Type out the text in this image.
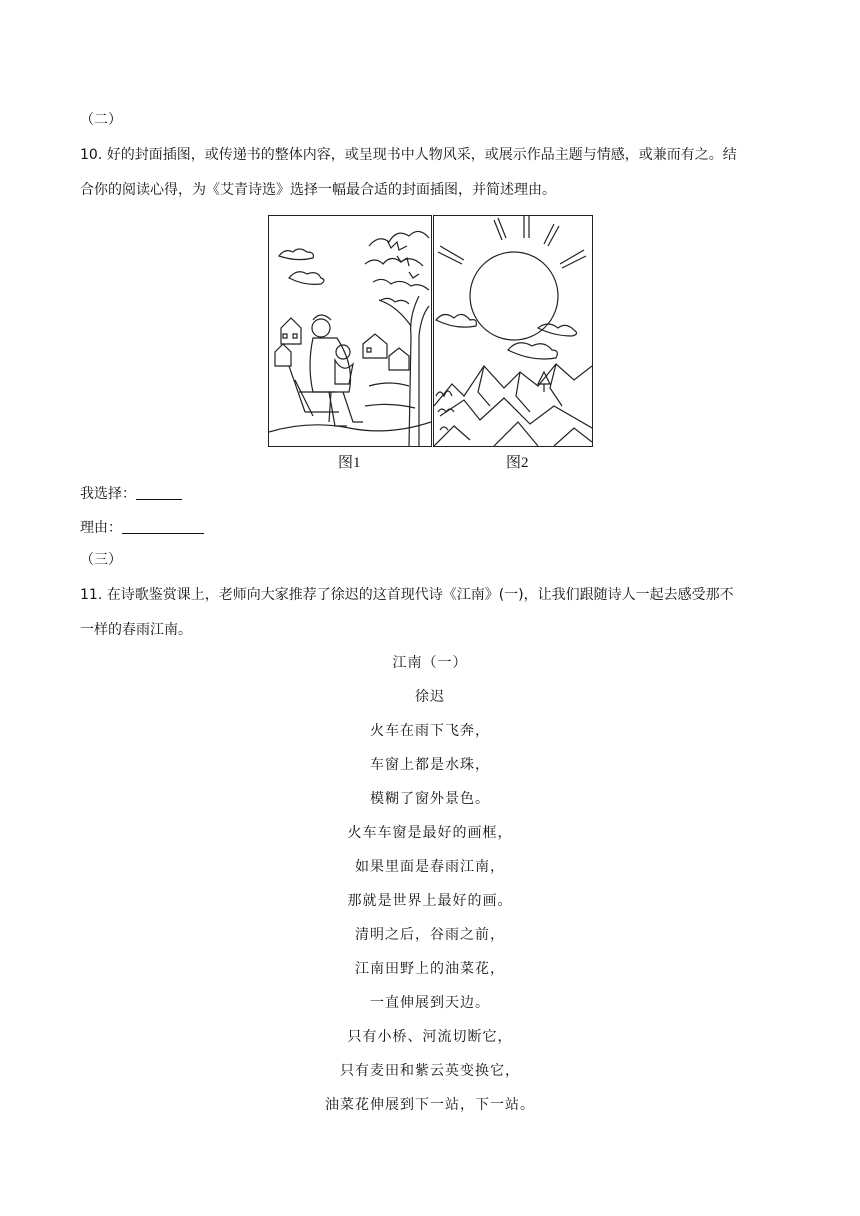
（二）
10. 好的封面插图，或传递书的整体内容，或呈现书中人物风采，或展示作品主题与情感，或兼而有之。结
合你的阅读心得，为《艾青诗选》选择一幅最合适的封面插图，并简述理由。
图1	图2
我选择：
理由：
（三）
11. 在诗歌鉴赏课上，老师向大家推荐了徐迟的这首现代诗《江南》(一)，让我们跟随诗人一起去感受那不
一样的春雨江南。
江南（一）
徐迟
火车在雨下飞奔，
车窗上都是水珠，
模糊了窗外景色。
火车车窗是最好的画框，
如果里面是春雨江南，
那就是世界上最好的画。
清明之后，谷雨之前，
江南田野上的油菜花，
一直伸展到天边。
只有小桥、河流切断它，
只有麦田和紫云英变换它，
油菜花伸展到下一站，下一站。
